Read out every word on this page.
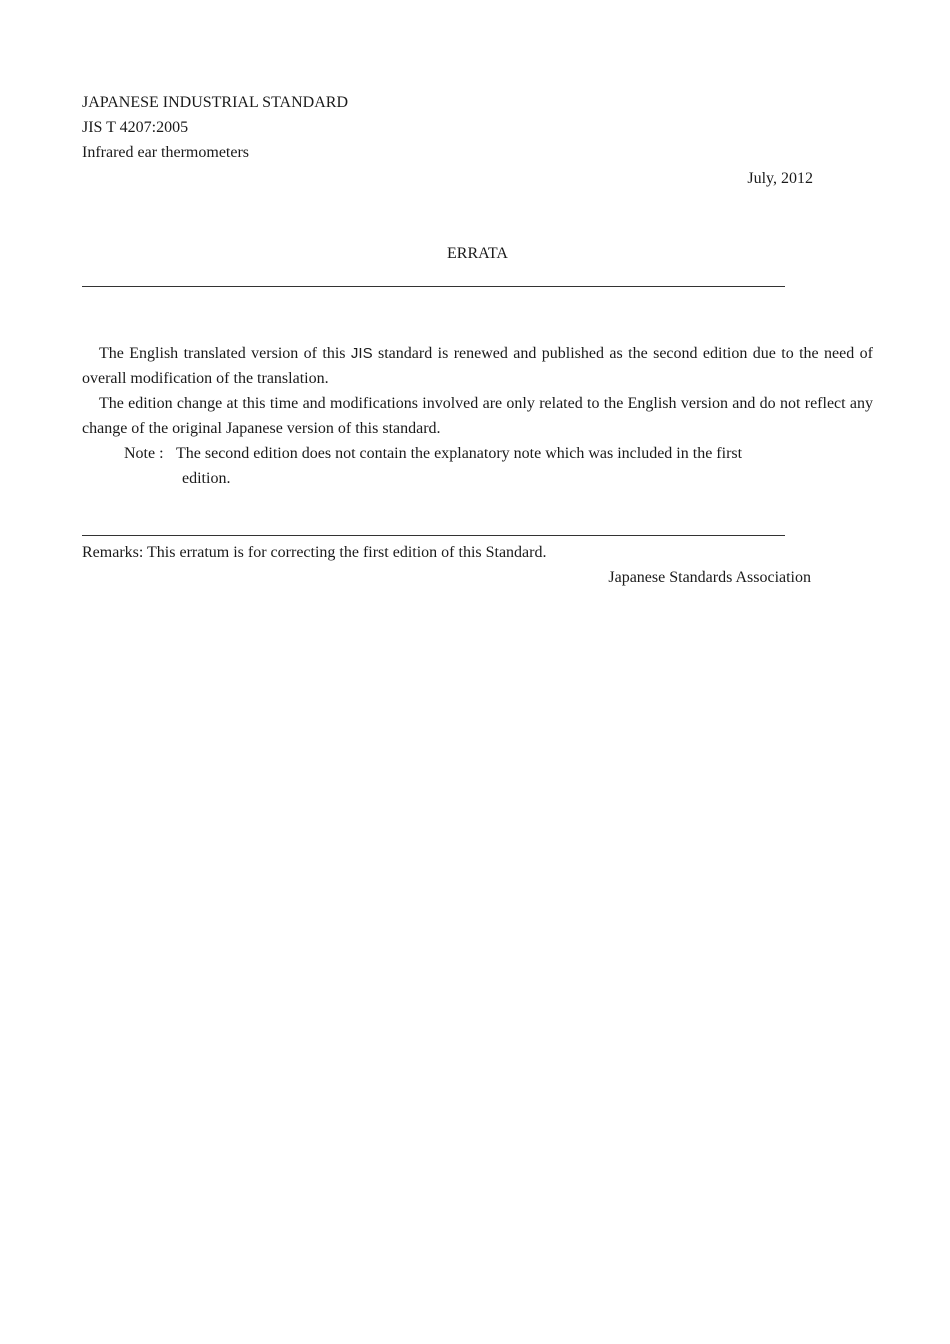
JAPANESE INDUSTRIAL STANDARD
JIS T 4207:2005
Infrared ear thermometers
July, 2012
ERRATA
The English translated version of this JIS standard is renewed and published as the second edition due to the need of overall modification of the translation.
The edition change at this time and modifications involved are only related to the English version and do not reflect any change of the original Japanese version of this standard.
Note : The second edition does not contain the explanatory note which was included in the first
edition.
Remarks: This erratum is for correcting the first edition of this Standard.
Japanese Standards Association
